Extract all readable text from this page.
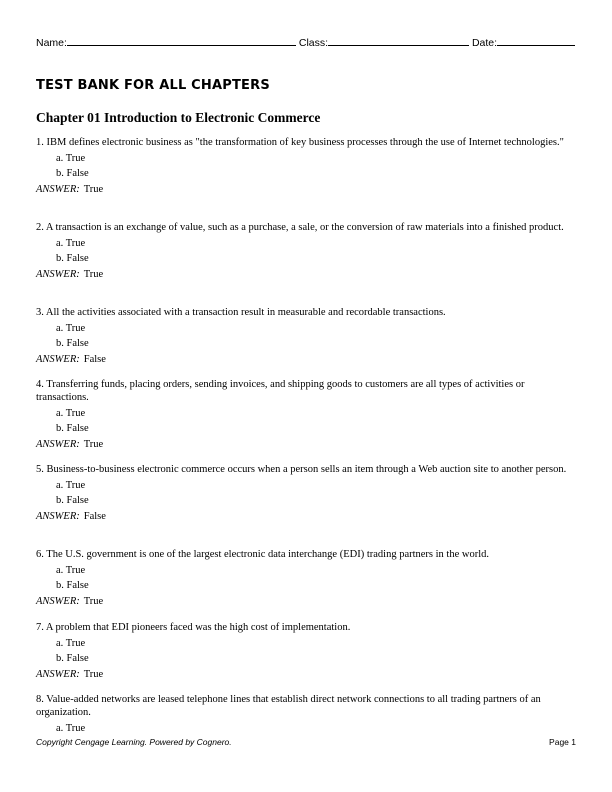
Name:	Class:	Date:
TEST BANK FOR ALL CHAPTERS
Chapter 01 Introduction to Electronic Commerce

1. IBM defines electronic business as "the transformation of key business processes through the use of Internet technologies."

a. True
b. False
ANSWER: True

2. A transaction is an exchange of value, such as a purchase, a sale, or the conversion of raw materials into a finished product.

a. True
b. False
ANSWER: True

3. All the activities associated with a transaction result in measurable and recordable transactions.

a. True
b. False
ANSWER: False

4. Transferring funds, placing orders, sending invoices, and shipping goods to customers are all types of activities or transactions.

a. True
b. False
ANSWER: True

5. Business-to-business electronic commerce occurs when a person sells an item through a Web auction site to another person.

a. True
b. False
ANSWER: False

6. The U.S. government is one of the largest electronic data interchange (EDI) trading partners in the world.

a. True
b. False
ANSWER: True

7. A problem that EDI pioneers faced was the high cost of implementation.

a. True
b. False
ANSWER: True

8. Value-added networks are leased telephone lines that establish direct network connections to all trading partners of an organization.

a. True
Copyright Cengage Learning. Powered by Cognero.	Page 1
